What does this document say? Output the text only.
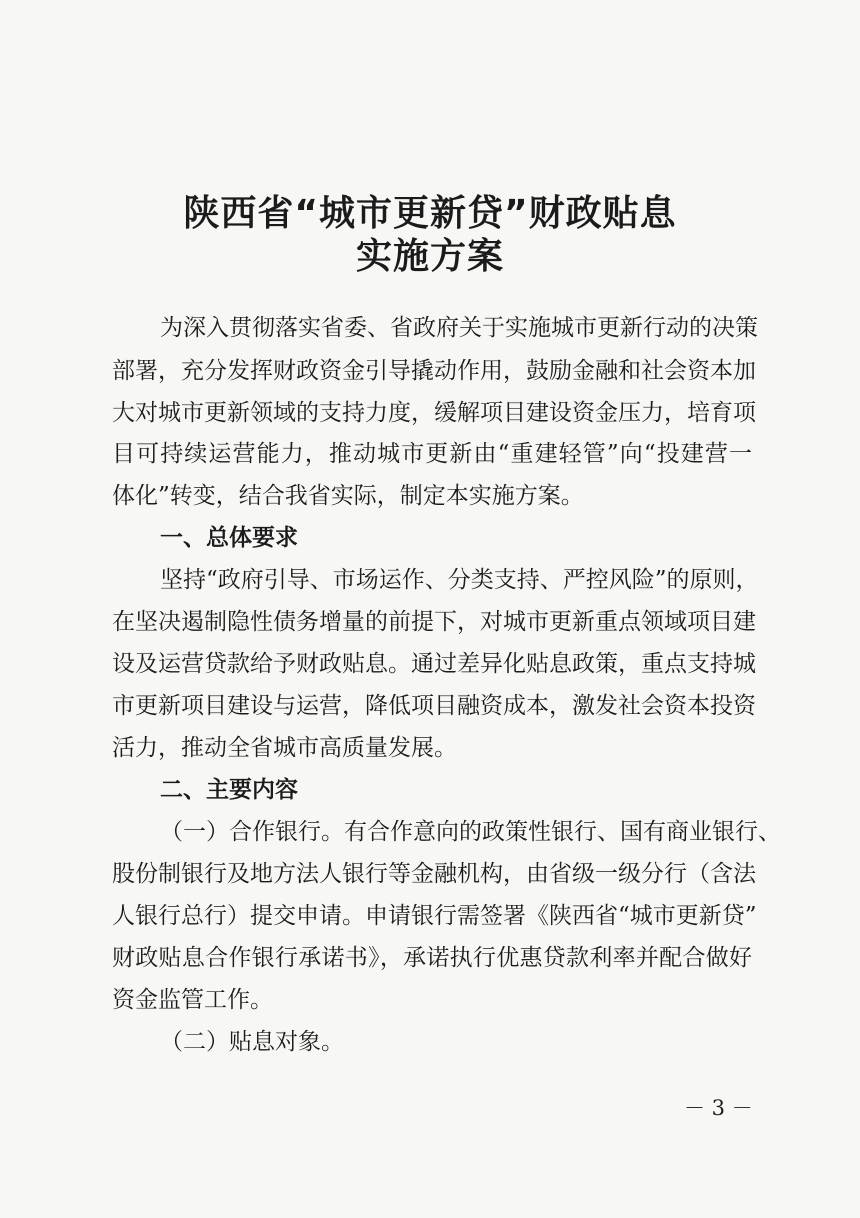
陕西省“城市更新贷”财政贴息
实施方案
为深入贯彻落实省委、省政府关于实施城市更新行动的决策
部署，充分发挥财政资金引导撬动作用，鼓励金融和社会资本加
大对城市更新领域的支持力度，缓解项目建设资金压力，培育项
目可持续运营能力，推动城市更新由“重建轻管”向“投建营一
体化”转变，结合我省实际，制定本实施方案。
一、总体要求
坚持“政府引导、市场运作、分类支持、严控风险”的原则，
在坚决遏制隐性债务增量的前提下，对城市更新重点领域项目建
设及运营贷款给予财政贴息。通过差异化贴息政策，重点支持城
市更新项目建设与运营，降低项目融资成本，激发社会资本投资
活力，推动全省城市高质量发展。
二、主要内容
（一）合作银行。有合作意向的政策性银行、国有商业银行、
股份制银行及地方法人银行等金融机构，由省级一级分行（含法
人银行总行）提交申请。申请银行需签署《陕西省“城市更新贷”
财政贴息合作银行承诺书》，承诺执行优惠贷款利率并配合做好
资金监管工作。
（二）贴息对象。
－ 3 －
